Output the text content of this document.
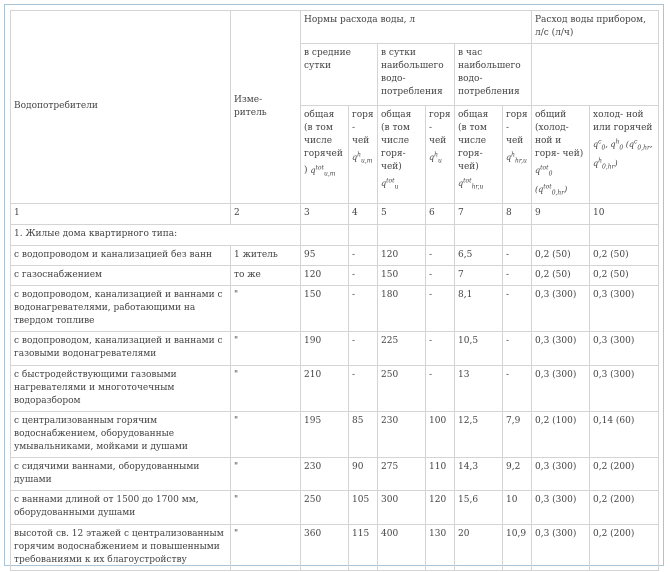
Водопотребители	Изме- ритель	Нормы расхода воды, л						Расход воды прибором, л/с (л/ч)	
		в средние сутки		в сутки наибольшего водо- потребления		в час наибольшего водо- потребления			
		общая (в том числе горячей) $q^{tot}_{u,m}$	горя- чей $q^h_{u,m}$	общая (в том числе горя- чей) $q^{tot}_u$	горя- чей $q^h_u$	общая (в том числе горя- чей) $q^{tot}_{hr,u}$	горя- чей $q^h_{hr,u}$	общий (холод- ной и горя- чей) $q^{tot}_0$ $(q^{tot}_{0,hr})$	холод- ной или горячей $q^c_0$, $q^h_0$ ($q^c_{0,hr}$, $q^h_{0,hr}$)
1	2	3	4	5	6	7	8	9	10
1. Жилые дома квартирного типа:									
с водопроводом и канализацией без ванн	1 житель	95	-	120	-	6,5	-	0,2 (50)	0,2 (50)
с газоснабжением	то же	120	-	150	-	7	-	0,2 (50)	0,2 (50)
с водопроводом, канализацией и ваннами с водонагревателями, работающими на твердом топливе	"	150	-	180	-	8,1	-	0,3 (300)	0,3 (300)
с водопроводом, канализацией и ваннами с газовыми водонагревателями	"	190	-	225	-	10,5	-	0,3 (300)	0,3 (300)
с быстродействующими газовыми нагревателями и многоточечным водоразбором	"	210	-	250	-	13	-	0,3 (300)	0,3 (300)
с централизованным горячим водоснабжением, оборудованные умывальниками, мойками и душами	"	195	85	230	100	12,5	7,9	0,2 (100)	0,14 (60)
с сидячими ваннами, оборудованными душами	"	230	90	275	110	14,3	9,2	0,3 (300)	0,2 (200)
с ваннами длиной от 1500 до 1700 мм, оборудованными душами	"	250	105	300	120	15,6	10	0,3 (300)	0,2 (200)
высотой св. 12 этажей с централизованным горячим водоснабжением и повышенными требованиями к их благоустройству	"	360	115	400	130	20	10,9	0,3 (300)	0,2 (200)
